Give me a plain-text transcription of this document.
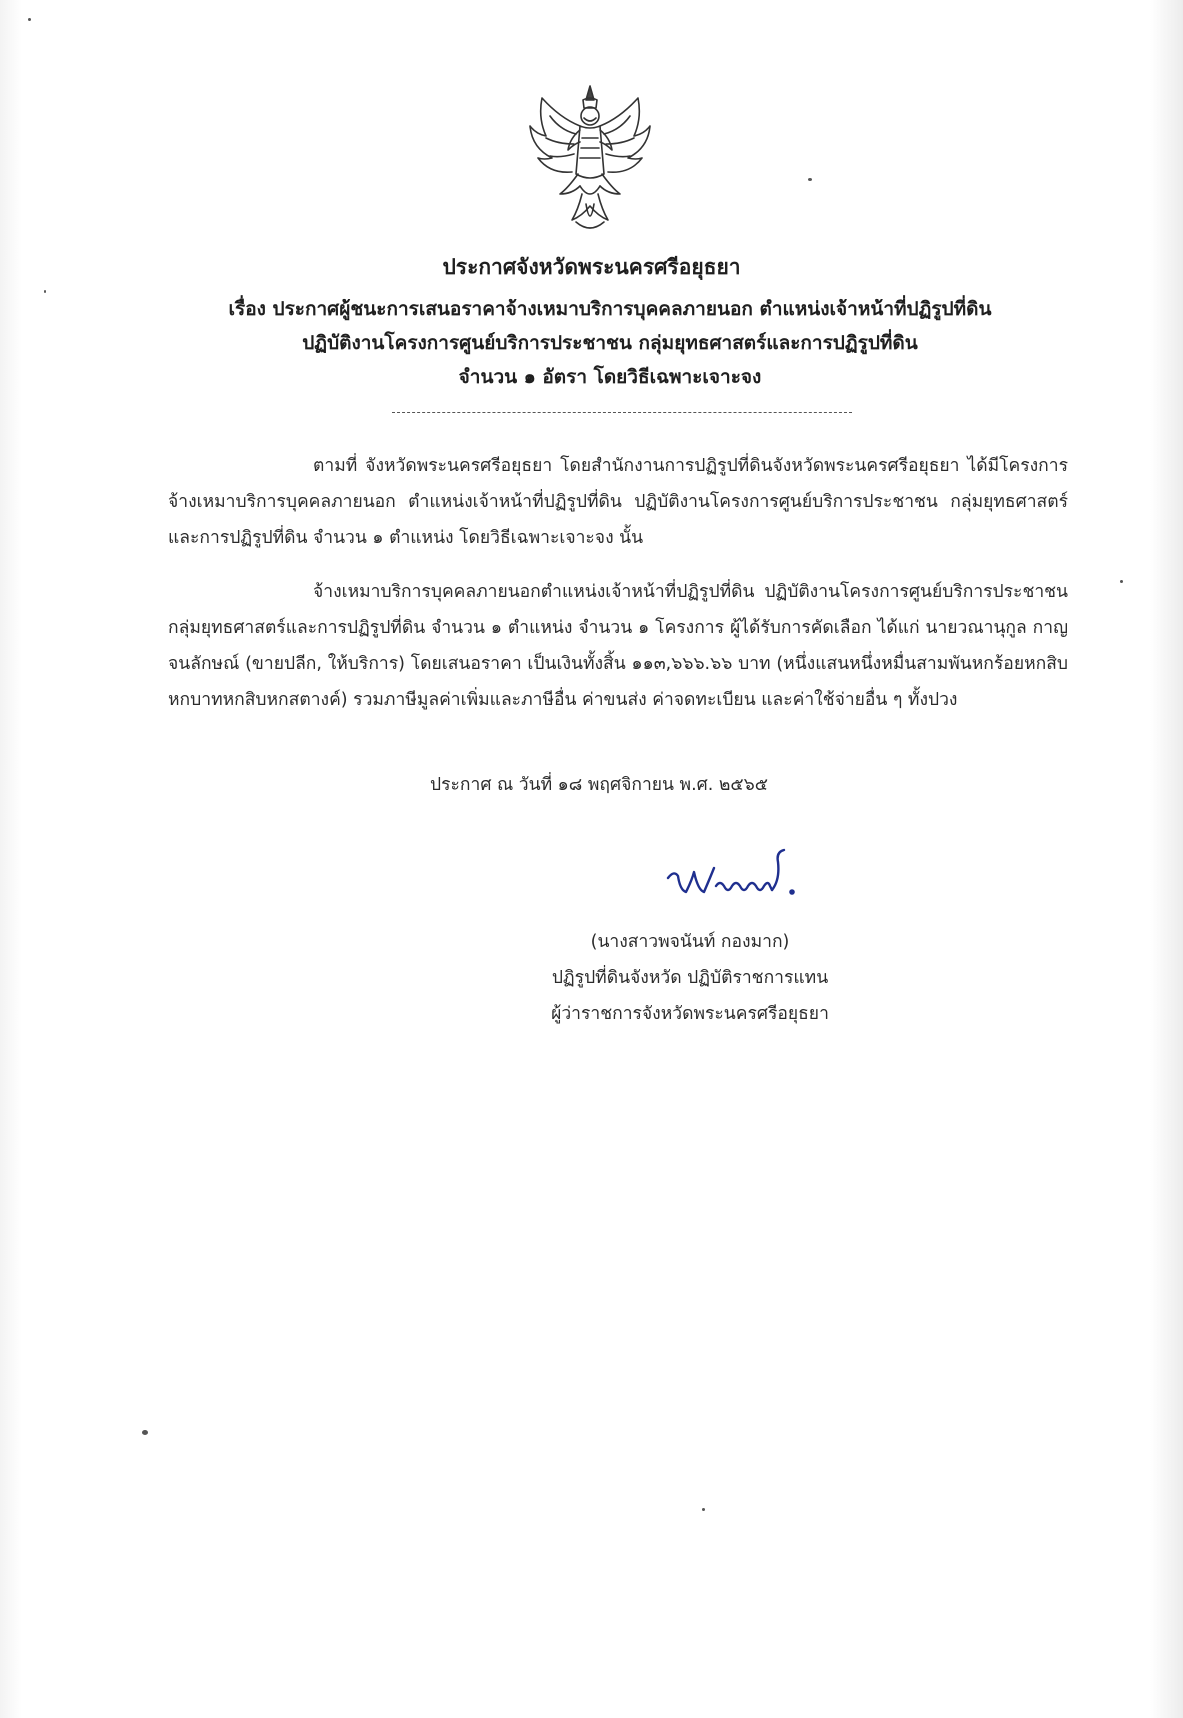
ประกาศจังหวัดพระนครศรีอยุธยา
เรื่อง ประกาศผู้ชนะการเสนอราคาจ้างเหมาบริการบุคคลภายนอก ตำแหน่งเจ้าหน้าที่ปฏิรูปที่ดิน
ปฏิบัติงานโครงการศูนย์บริการประชาชน กลุ่มยุทธศาสตร์และการปฏิรูปที่ดิน
จำนวน ๑ อัตรา โดยวิธีเฉพาะเจาะจง
ตามที่ จังหวัดพระนครศรีอยุธยา โดยสำนักงานการปฏิรูปที่ดินจังหวัดพระนครศรีอยุธยา ได้มีโครงการจ้างเหมาบริการบุคคลภายนอก ตำแหน่งเจ้าหน้าที่ปฏิรูปที่ดิน ปฏิบัติงานโครงการศูนย์บริการประชาชน กลุ่มยุทธศาสตร์และการปฏิรูปที่ดิน จำนวน ๑ ตำแหน่ง โดยวิธีเฉพาะเจาะจง นั้น
จ้างเหมาบริการบุคคลภายนอกตำแหน่งเจ้าหน้าที่ปฏิรูปที่ดิน ปฏิบัติงานโครงการศูนย์บริการประชาชน กลุ่มยุทธศาสตร์และการปฏิรูปที่ดิน จำนวน ๑ ตำแหน่ง จำนวน ๑ โครงการ ผู้ได้รับการคัดเลือก ได้แก่ นายวณานุกูล กาญจนลักษณ์ (ขายปลีก, ให้บริการ) โดยเสนอราคา เป็นเงินทั้งสิ้น ๑๑๓,๖๖๖.๖๖ บาท (หนึ่งแสนหนึ่งหมื่นสามพันหกร้อยหกสิบหกบาทหกสิบหกสตางค์) รวมภาษีมูลค่าเพิ่มและภาษีอื่น ค่าขนส่ง ค่าจดทะเบียน และค่าใช้จ่ายอื่น ๆ ทั้งปวง
ประกาศ ณ วันที่ ๑๘ พฤศจิกายน พ.ศ. ๒๕๖๕
(นางสาวพจนันท์ กองมาก)
ปฏิรูปที่ดินจังหวัด ปฏิบัติราชการแทน
ผู้ว่าราชการจังหวัดพระนครศรีอยุธยา
